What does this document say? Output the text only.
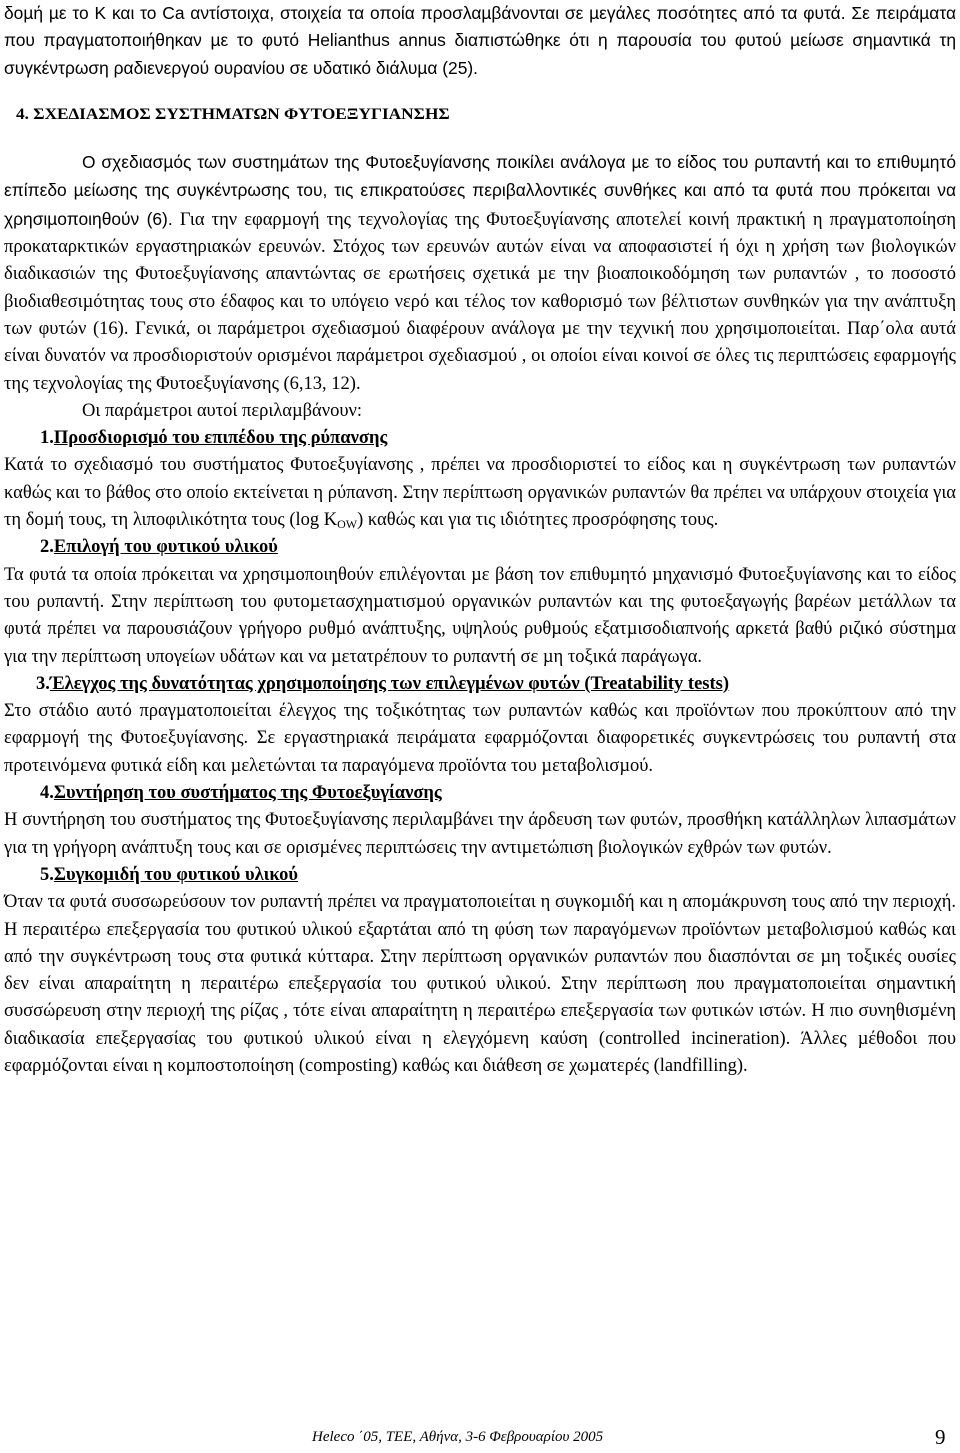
δοµή µε το K και το Ca αντίστοιχα, στοιχεία τα οποία προσλαµβάνονται σε µεγάλες ποσότητες από τα φυτά. Σε πειράµατα που πραγµατοποιήθηκαν µε το φυτό Helianthus annus διαπιστώθηκε ότι η παρουσία του φυτού µείωσε σηµαντικά τη συγκέντρωση ραδιενεργού ουρανίου σε υδατικό διάλυµα (25).

4. ΣΧΕ∆ΙΑΣΜΟΣ ΣΥΣΤΗΜΑΤΩΝ ΦΥΤΟΕΞΥΓΙΑΝΣΗΣ

Ο σχεδιασµός των συστηµάτων της Φυτοεξυγίανσης ποικίλει ανάλογα µε το είδος του ρυπαντή και το επιθυµητό επίπεδο µείωσης της συγκέντρωσης του, τις επικρατούσες περιβαλλοντικές συνθήκες και από τα φυτά που πρόκειται να χρησιµοποιηθούν (6). Για την εφαρµογή της τεχνολογίας της Φυτοεξυγίανσης αποτελεί κοινή πρακτική η πραγµατοποίηση προκαταρκτικών εργαστηριακών ερευνών. Στόχος των ερευνών αυτών είναι να αποφασιστεί ή όχι η χρήση των βιολογικών διαδικασιών της Φυτοεξυγίανσης απαντώντας σε ερωτήσεις σχετικά µε την βιοαποικοδόµηση των ρυπαντών , το ποσοστό βιοδιαθεσιµότητας τους στο έδαφος και το υπόγειο νερό και τέλος τον καθορισµό των βέλτιστων συνθηκών για την ανάπτυξη των φυτών (16). Γενικά, οι παράµετροι σχεδιασµού διαφέρουν ανάλογα µε την τεχνική που χρησιµοποιείται. Παρ΄ολα αυτά είναι δυνατόν να προσδιοριστούν ορισµένοι παράµετροι σχεδιασµού , οι οποίοι είναι κοινοί σε όλες τις περιπτώσεις εφαρµογής της τεχνολογίας της Φυτοεξυγίανσης (6,13, 12).

Οι παράµετροι αυτοί περιλαµβάνουν:

1.Προσδιορισµό του επιπέδου της ρύπανσης

Κατά το σχεδιασµό του συστήµατος Φυτοεξυγίανσης , πρέπει να προσδιοριστεί το είδος και η συγκέντρωση των ρυπαντών καθώς και το βάθος στο οποίο εκτείνεται η ρύπανση. Στην περίπτωση οργανικών ρυπαντών θα πρέπει να υπάρχουν στοιχεία για τη δοµή τους, τη λιποφιλικότητα τους (log $K_{OW}$) καθώς και για τις ιδιότητες προσρόφησης τους.

2.Επιλογή του φυτικού υλικού

Τα φυτά τα οποία πρόκειται να χρησιµοποιηθούν επιλέγονται µε βάση τον επιθυµητό µηχανισµό Φυτοεξυγίανσης και το είδος του ρυπαντή. Στην περίπτωση του φυτοµετασχηµατισµού οργανικών ρυπαντών και της φυτοεξαγωγής βαρέων µετάλλων τα φυτά πρέπει να παρουσιάζουν γρήγορο ρυθµό ανάπτυξης, υψηλούς ρυθµούς εξατµισοδιαπνοής αρκετά βαθύ ριζικό σύστηµα για την περίπτωση υπογείων υδάτων και να µετατρέπουν το ρυπαντή σε µη τοξικά παράγωγα.

3.Έλεγχος της δυνατότητας χρησιµοποίησης των επιλεγµένων φυτών (Treatability tests)

Στο στάδιο αυτό πραγµατοποιείται έλεγχος της τοξικότητας των ρυπαντών καθώς και προϊόντων που προκύπτουν από την εφαρµογή της Φυτοεξυγίανσης. Σε εργαστηριακά πειράµατα εφαρµόζονται διαφορετικές συγκεντρώσεις του ρυπαντή στα προτεινόµενα φυτικά είδη και µελετώνται τα παραγόµενα προϊόντα του µεταβολισµού.

4.Συντήρηση του συστήµατος της Φυτοεξυγίανσης

Η συντήρηση του συστήµατος της Φυτοεξυγίανσης περιλαµβάνει την άρδευση των φυτών, προσθήκη κατάλληλων λιπασµάτων για τη γρήγορη ανάπτυξη τους και σε ορισµένες περιπτώσεις την αντιµετώπιση βιολογικών εχθρών των φυτών.

5.Συγκοµιδή του φυτικού υλικού

Όταν τα φυτά συσσωρεύσουν τον ρυπαντή πρέπει να πραγµατοποιείται η συγκοµιδή και η αποµάκρυνση τους από την περιοχή. Η περαιτέρω επεξεργασία του φυτικού υλικού εξαρτάται από τη φύση των παραγόµενων προϊόντων µεταβολισµού καθώς και από την συγκέντρωση τους στα φυτικά κύτταρα. Στην περίπτωση οργανικών ρυπαντών που διασπόνται σε µη τοξικές ουσίες δεν είναι απαραίτητη η περαιτέρω επεξεργασία του φυτικού υλικού. Στην περίπτωση που πραγµατοποιείται σηµαντική συσσώρευση στην περιοχή της ρίζας , τότε είναι απαραίτητη η περαιτέρω επεξεργασία των φυτικών ιστών. Η πιο συνηθισµένη διαδικασία επεξεργασίας του φυτικού υλικού είναι η ελεγχόµενη καύση (controlled incineration). Άλλες µέθοδοι που εφαρµόζονται είναι η κοµποστοποίηση (composting) καθώς και διάθεση σε χωµατερές (landfilling).

Heleco ΄05, ΤΕΕ, Αθήνα, 3-6 Φεβρουαρίου 2005	9
